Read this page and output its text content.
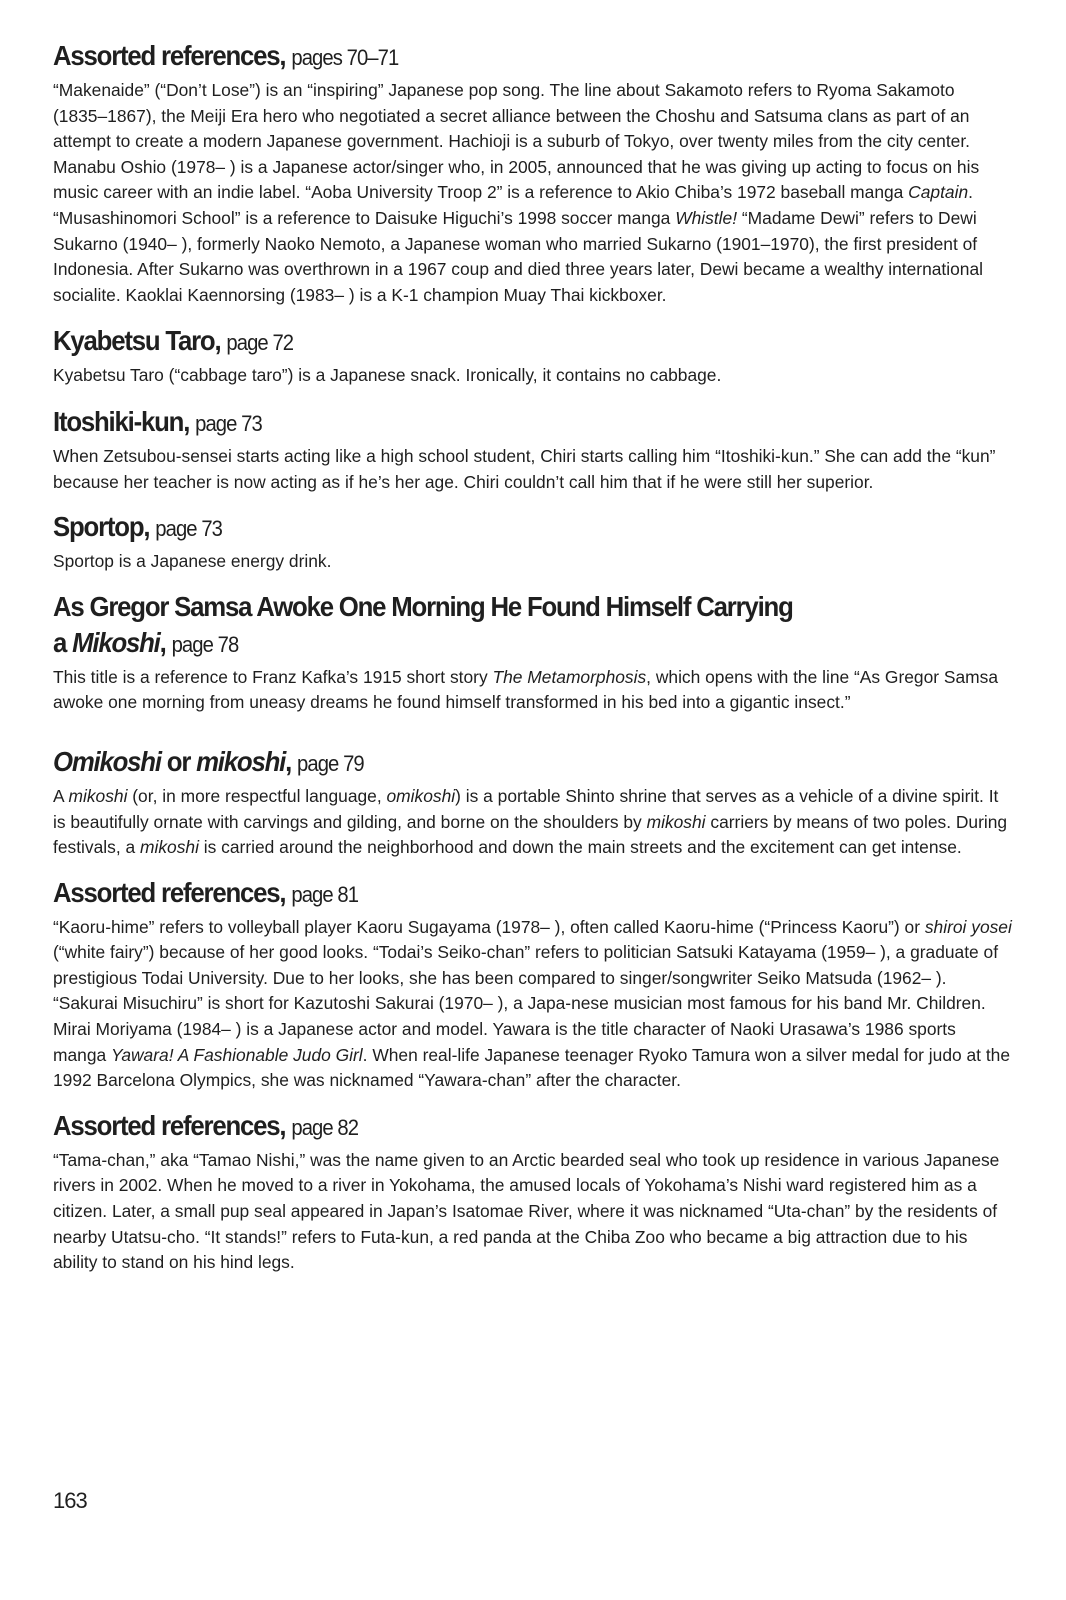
Assorted references, pages 70–71

“Makenaide” (“Don’t Lose”) is an “inspiring” Japanese pop song. The line about Sakamoto refers to Ryoma Sakamoto (1835–1867), the Meiji Era hero who negotiated a secret alliance between the Choshu and Satsuma clans as part of an attempt to create a modern Japanese government. Hachioji is a suburb of Tokyo, over twenty miles from the city center. Manabu Oshio (1978– ) is a Japanese actor/singer who, in 2005, announced that he was giving up acting to focus on his music career with an indie label. “Aoba University Troop 2” is a reference to Akio Chiba’s 1972 baseball manga Captain. “Musashinomori School” is a reference to Daisuke Higuchi’s 1998 soccer manga Whistle! “Madame Dewi” refers to Dewi Sukarno (1940– ), formerly Naoko Nemoto, a Japanese woman who married Sukarno (1901–1970), the first president of Indonesia. After Sukarno was overthrown in a 1967 coup and died three years later, Dewi became a wealthy international socialite. Kaoklai Kaennorsing (1983– ) is a K-1 champion Muay Thai kickboxer.

Kyabetsu Taro, page 72

Kyabetsu Taro (“cabbage taro”) is a Japanese snack. Ironically, it contains no cabbage.

Itoshiki-kun, page 73

When Zetsubou-sensei starts acting like a high school student, Chiri starts calling him “Itoshiki-kun.” She can add the “kun” because her teacher is now acting as if he’s her age. Chiri couldn’t call him that if he were still her superior.

Sportop, page 73

Sportop is a Japanese energy drink.

As Gregor Samsa Awoke One Morning He Found Himself Carrying
a Mikoshi, page 78

This title is a reference to Franz Kafka’s 1915 short story The Metamorphosis, which opens with the line “As Gregor Samsa awoke one morning from uneasy dreams he found himself transformed in his bed into a gigantic insect.”

Omikoshi or mikoshi, page 79

A mikoshi (or, in more respectful language, omikoshi) is a portable Shinto shrine that serves as a vehicle of a divine spirit. It is beautifully ornate with carvings and gilding, and borne on the shoulders by mikoshi carriers by means of two poles. During festivals, a mikoshi is carried around the neighborhood and down the main streets and the excitement can get intense.

Assorted references, page 81

“Kaoru-hime” refers to volleyball player Kaoru Sugayama (1978– ), often called Kaoru-hime (“Princess Kaoru”) or shiroi yosei (“white fairy”) because of her good looks. “Todai’s Seiko-chan” refers to politician Satsuki Katayama (1959– ), a graduate of prestigious Todai University. Due to her looks, she has been compared to singer/songwriter Seiko Matsuda (1962– ). “Sakurai Misuchiru” is short for Kazutoshi Sakurai (1970– ), a Japa-nese musician most famous for his band Mr. Children. Mirai Moriyama (1984– ) is a Japanese actor and model. Yawara is the title character of Naoki Urasawa’s 1986 sports manga Yawara! A Fashionable Judo Girl. When real-life Japanese teenager Ryoko Tamura won a silver medal for judo at the 1992 Barcelona Olympics, she was nicknamed “Yawara-chan” after the character.

Assorted references, page 82

“Tama-chan,” aka “Tamao Nishi,” was the name given to an Arctic bearded seal who took up residence in various Japanese rivers in 2002. When he moved to a river in Yokohama, the amused locals of Yokohama’s Nishi ward registered him as a citizen. Later, a small pup seal appeared in Japan’s Isatomae River, where it was nicknamed “Uta-chan” by the residents of nearby Utatsu-cho. “It stands!” refers to Futa-kun, a red panda at the Chiba Zoo who became a big attraction due to his ability to stand on his hind legs.

163
